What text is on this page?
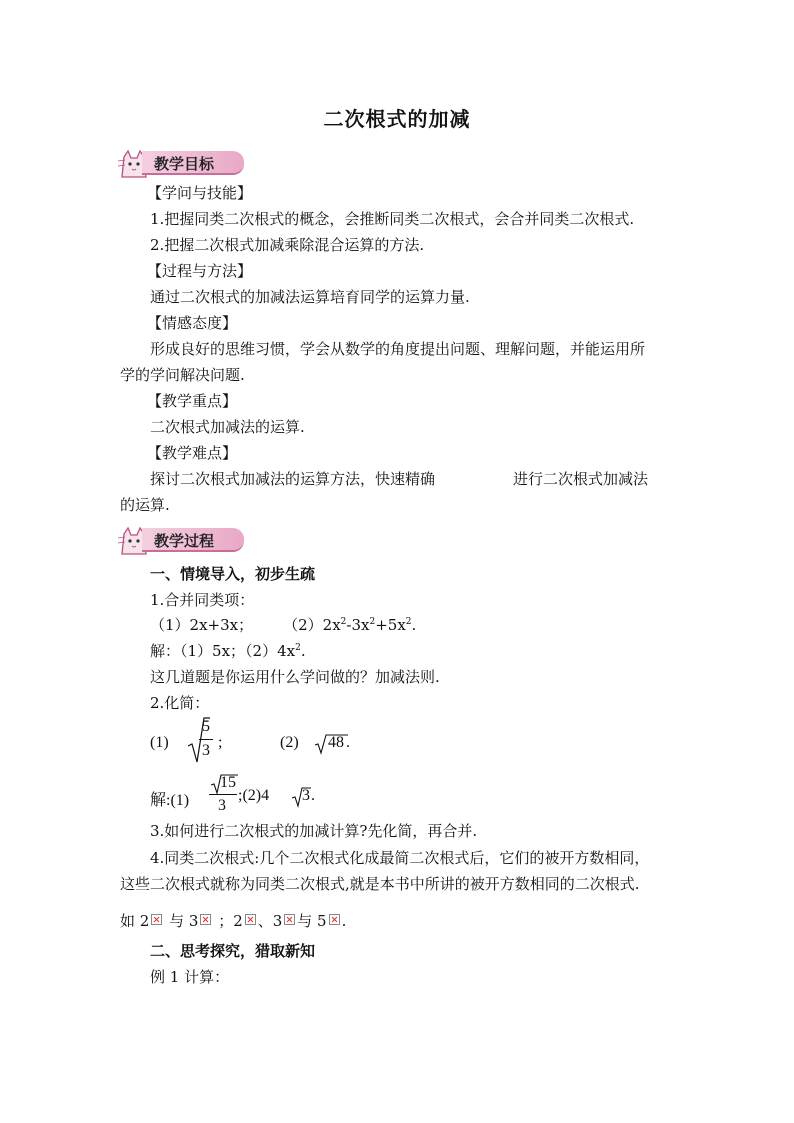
二次根式的加减
教学目标
【学问与技能】
1.把握同类二次根式的概念，会推断同类二次根式，会合并同类二次根式.
2.把握二次根式加减乘除混合运算的方法.
【过程与方法】
通过二次根式的加减法运算培育同学的运算力量.
【情感态度】
形成良好的思维习惯，学会从数学的角度提出问题、理解问题，并能运用所
学的学问解决问题.
【教学重点】
二次根式加减法的运算.
【教学难点】
探讨二次根式加减法的运算方法，快速精确	进行二次根式加减法
的运算.
教学过程
一、情境导入，初步生疏
1.合并同类项：
（1）2x+3x； $(2)2x^2-3x^2+5x^2$.
解：（1）5x；$(2)4x^2$.
这几道题是你运用什么学问做的？加减法则.
2.化简：
(1)
5
3 ;	(2) 48 .
解:(1)
15
3
;(2)4 3 .
3.如何进行二次根式的加减计算?先化简，再合并.
4.同类二次根式:几个二次根式化成最简二次根式后，它们的被开方数相同，
这些二次根式就称为同类二次根式,就是本书中所讲的被开方数相同的二次根式.
如 2 与 3 ；2 、3 与 5 .
二、思考探究，猎取新知
例 1 计算：
